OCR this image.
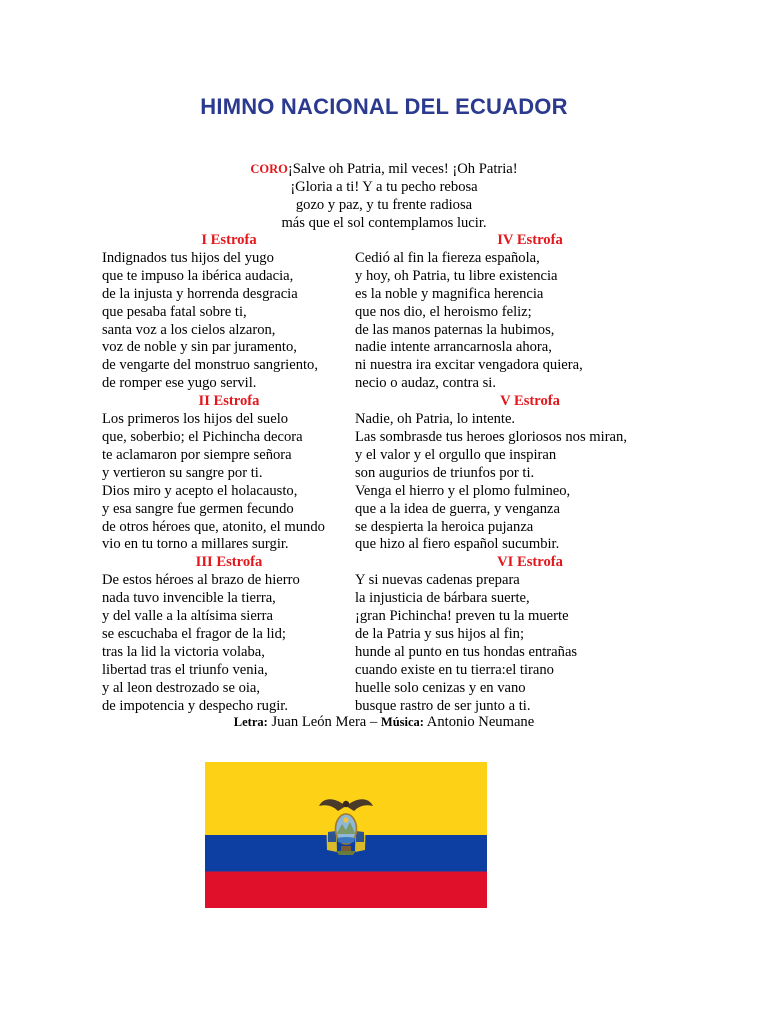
HIMNO NACIONAL DEL ECUADOR
CORO¡Salve oh Patria, mil veces! ¡Oh Patria!
¡Gloria a ti! Y a tu pecho rebosa
gozo y paz, y tu frente radiosa
más que el sol contemplamos lucir.
I Estrofa
Indignados tus hijos del yugo
que te impuso la ibérica audacia,
de la injusta y horrenda desgracia
que pesaba fatal sobre ti,
santa voz a los cielos alzaron,
voz de noble y sin par juramento,
de vengarte del monstruo sangriento,
de romper ese yugo servil.
II Estrofa
Los primeros los hijos del suelo
que, soberbio; el Pichincha decora
te aclamaron por siempre señora
y vertieron su sangre por ti.
Dios miro y acepto el holacausto,
y esa sangre fue germen fecundo
de otros héroes que, atonito, el mundo
vio en tu torno a millares surgir.
III Estrofa
De estos héroes al brazo de hierro
nada tuvo invencible la tierra,
y del valle a la altísima sierra
se escuchaba el fragor de la lid;
tras la lid la victoria volaba,
libertad tras el triunfo venia,
y al leon destrozado se oia,
de impotencia y despecho rugir.
IV Estrofa
Cedió al fin la fiereza española,
y hoy, oh Patria, tu libre existencia
es la noble y magnifica herencia
que nos dio, el heroismo feliz;
de las manos paternas la hubimos,
nadie intente arrancarnosla ahora,
ni nuestra ira excitar vengadora quiera,
necio o audaz, contra si.
V Estrofa
Nadie, oh Patria, lo intente.
Las sombrasde tus heroes gloriosos nos miran,
y el valor y el orgullo que inspiran
son augurios de triunfos por ti.
Venga el hierro y el plomo fulmineo,
que a la idea de guerra, y venganza
se despierta la heroica pujanza
que hizo al fiero español sucumbir.
VI Estrofa
Y si nuevas cadenas prepara
la injusticia de bárbara suerte,
¡gran Pichincha! preven tu la muerte
de la Patria y sus hijos al fin;
hunde al punto en tus hondas entrañas
cuando existe en tu tierra:el tirano
huelle solo cenizas y en vano
busque rastro de ser junto a ti.
Letra: Juan León Mera – Música: Antonio Neumane
